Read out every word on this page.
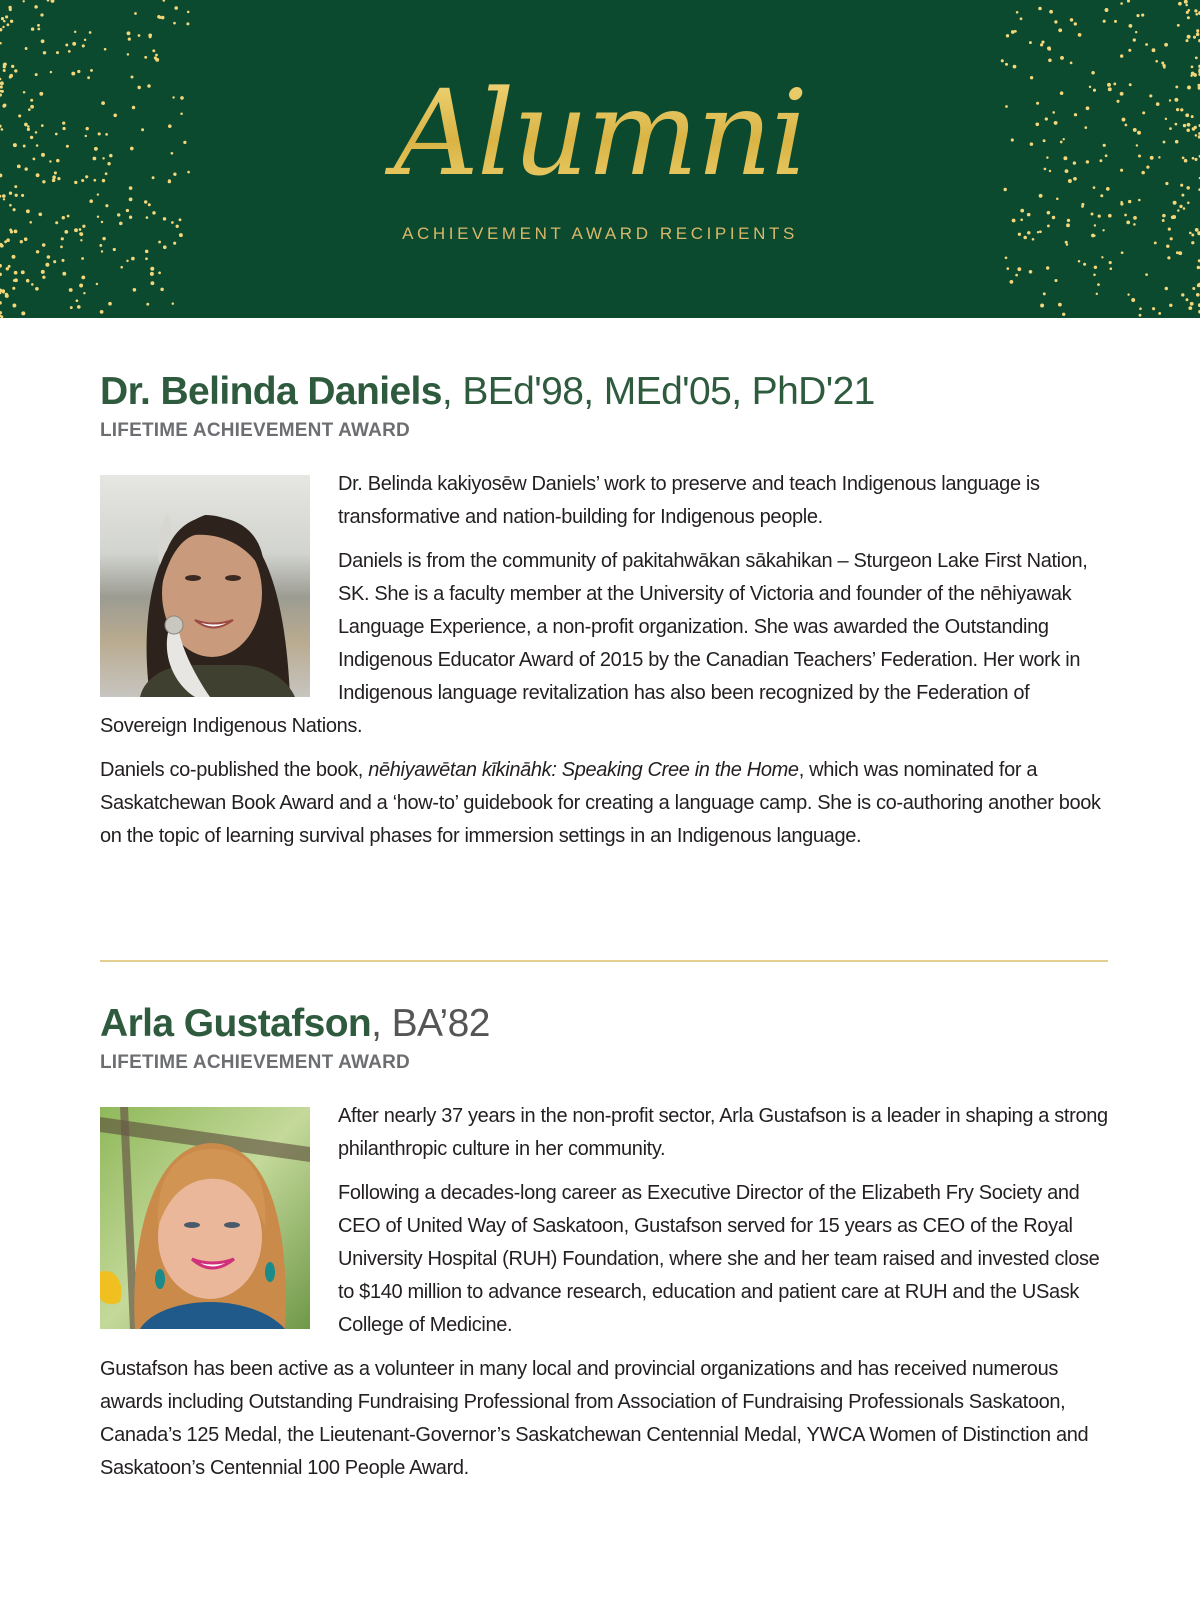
Alumni
ACHIEVEMENT AWARD RECIPIENTS
Dr. Belinda Daniels, BEd'98, MEd'05, PhD'21
LIFETIME ACHIEVEMENT AWARD

Dr. Belinda kakiyosēw Daniels’ work to preserve and teach Indigenous language is transformative and nation-building for Indigenous people.

Daniels is from the community of pakitahwākan sākahikan – Sturgeon Lake First Nation, SK. She is a faculty member at the University of Victoria and founder of the nēhiyawak Language Experience, a non-profit organization. She was awarded the Outstanding Indigenous Educator Award of 2015 by the Canadian Teachers’ Federation. Her work in Indigenous language revitalization has also been recognized by the Federation of Sovereign Indigenous Nations.

Daniels co-published the book, nēhiyawētan kīkināhk: Speaking Cree in the Home, which was nominated for a Saskatchewan Book Award and a ‘how-to’ guidebook for creating a language camp. She is co-authoring another book on the topic of learning survival phases for immersion settings in an Indigenous language.

Arla Gustafson, BA’82
LIFETIME ACHIEVEMENT AWARD

After nearly 37 years in the non-profit sector, Arla Gustafson is a leader in shaping a strong philanthropic culture in her community.

Following a decades-long career as Executive Director of the Elizabeth Fry Society and CEO of United Way of Saskatoon, Gustafson served for 15 years as CEO of the Royal University Hospital (RUH) Foundation, where she and her team raised and invested close to $140 million to advance research, education and patient care at RUH and the USask College of Medicine.

Gustafson has been active as a volunteer in many local and provincial organizations and has received numerous awards including Outstanding Fundraising Professional from Association of Fundraising Professionals Saskatoon, Canada’s 125 Medal, the Lieutenant-Governor’s Saskatchewan Centennial Medal, YWCA Women of Distinction and Saskatoon’s Centennial 100 People Award.
